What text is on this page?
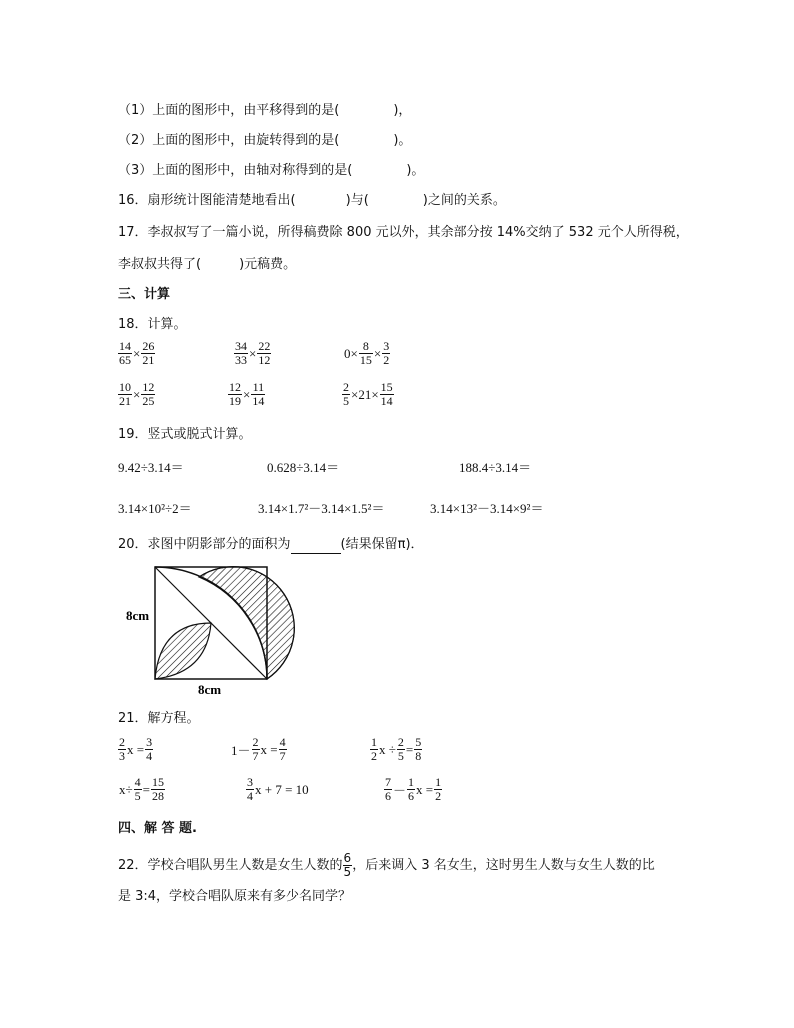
（1）上面的图形中，由平移得到的是(	)，
（2）上面的图形中，由旋转得到的是(	)。
（3）上面的图形中，由轴对称得到的是(	)。
16．扇形统计图能清楚地看出(	)与(	)之间的关系。
17．李叔叔写了一篇小说，所得稿费除 800 元以外，其余部分按 14%交纳了 532 元个人所得税，
李叔叔共得了(	)元稿费。
三、计算
18．计算。
$\frac{14}{65} \times \frac{26}{21}$	$\frac{34}{33} \times \frac{22}{12}$	$0\times \frac{8}{15} \times \frac{3}{2}$
$\frac{10}{21} \times \frac{12}{25}$	$\frac{12}{19} \times \frac{11}{14}$	$\frac{2}{5} \times 21\times \frac{15}{14}$
19．竖式或脱式计算。
9.42÷3.14＝	0.628÷3.14＝	188.4÷3.14＝
3.14×10²÷2＝	3.14×1.7²－3.14×1.5²＝	3.14×13²－3.14×9²＝
20．求图中阴影部分的面积为	(结果保留π)．
8cm
8cm
21．解方程。
$\frac{2}{3}$ $x = \frac{3}{4}$	$1- \frac{2}{7}$ $x = \frac{4}{7}$	$\frac{1}{2}$ $x \div \frac{2}{5} = \frac{5}{8}$
$x\div \frac{4}{5} = \frac{15}{28}$	$\frac{3}{4}$ x + 7 = 10	$\frac{7}{6} - \frac{1}{6}$ $x = \frac{1}{2}$
四、解 答 题.
22．学校合唱队男生人数是女生人数的 $\frac{6}{5}$ ，后来调入 3 名女生，这时男生人数与女生人数的比
是 3:4，学校合唱队原来有多少名同学？
